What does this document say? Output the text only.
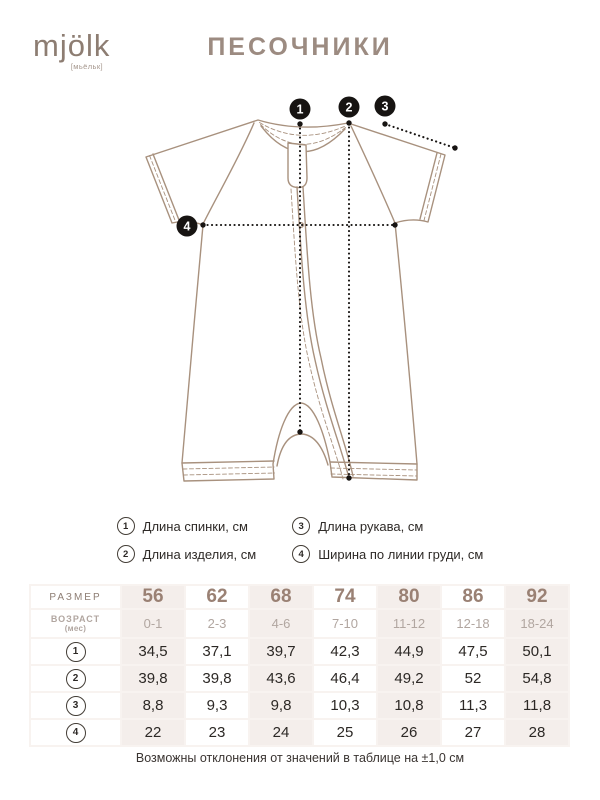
mjölk
[мьёльк]
ПЕСОЧНИКИ
1	2 3
4
1	Длина спинки, см
2	Длина изделия, см
3	Длина рукава, см
4	Ширина по линии груди, см
РАЗМЕР	56	62	68	74	80	86	92

ВОЗРАСТ
(мес)	0-1	2-3	4-6	7-10	11-12	12-18	18-24
1	34,5	37,1	39,7	42,3	44,9	47,5	50,1
2	39,8	39,8	43,6	46,4	49,2	52	54,8
3	8,8	9,3	9,8	10,3	10,8	11,3	11,8
4	22	23	24	25	26	27	28
Возможны отклонения от значений в таблице на ±1,0 см
